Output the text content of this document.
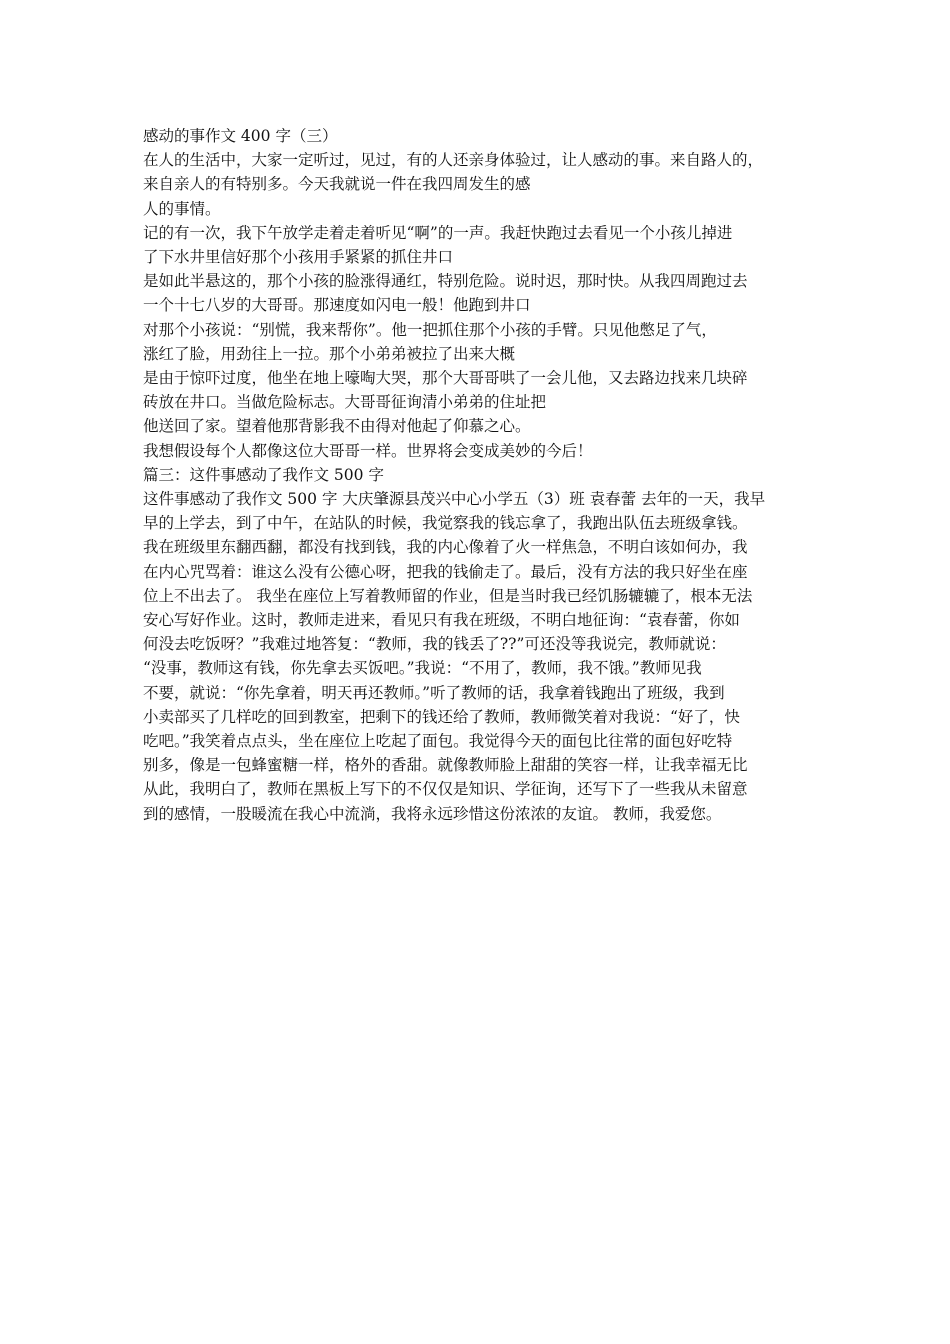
感动的事作文 400 字（三）
在人的生活中，大家一定听过，见过，有的人还亲身体验过，让人感动的事。来自路人的，
来自亲人的有特别多。今天我就说一件在我四周发生的感
人的事情。
记的有一次，我下午放学走着走着听见“啊”的一声。我赶快跑过去看见一个小孩儿掉进
了下水井里信好那个小孩用手紧紧的抓住井口
是如此半悬这的，那个小孩的脸涨得通红，特别危险。说时迟，那时快。从我四周跑过去
一个十七八岁的大哥哥。那速度如闪电一般！他跑到井口
对那个小孩说：“别慌，我来帮你”。他一把抓住那个小孩的手臂。只见他憋足了气，
涨红了脸，用劲往上一拉。那个小弟弟被拉了出来大概
是由于惊吓过度，他坐在地上嚎啕大哭，那个大哥哥哄了一会儿他，又去路边找来几块碎
砖放在井口。当做危险标志。大哥哥征询清小弟弟的住址把
他送回了家。望着他那背影我不由得对他起了仰慕之心。
我想假设每个人都像这位大哥哥一样。世界将会变成美妙的今后！
篇三：这件事感动了我作文 500 字
这件事感动了我作文 500 字 大庆肇源县茂兴中心小学五（3）班 袁春蕾 去年的一天，我早
早的上学去，到了中午，在站队的时候，我觉察我的钱忘拿了，我跑出队伍去班级拿钱。
我在班级里东翻西翻，都没有找到钱，我的内心像着了火一样焦急，不明白该如何办，我
在内心咒骂着：谁这么没有公德心呀，把我的钱偷走了。最后，没有方法的我只好坐在座
位上不出去了。 我坐在座位上写着教师留的作业，但是当时我已经饥肠辘辘了，根本无法
安心写好作业。这时，教师走进来，看见只有我在班级，不明白地征询：“袁春蕾，你如
何没去吃饭呀？”我难过地答复：“教师，我的钱丢了??”可还没等我说完，教师就说：
“没事，教师这有钱，你先拿去买饭吧。”我说：“不用了，教师，我不饿。”教师见我
不要，就说：“你先拿着，明天再还教师。”听了教师的话，我拿着钱跑出了班级，我到
小卖部买了几样吃的回到教室，把剩下的钱还给了教师，教师微笑着对我说：“好了，快
吃吧。”我笑着点点头，坐在座位上吃起了面包。我觉得今天的面包比往常的面包好吃特
别多，像是一包蜂蜜糖一样，格外的香甜。就像教师脸上甜甜的笑容一样，让我幸福无比
从此，我明白了，教师在黑板上写下的不仅仅是知识、学征询，还写下了一些我从未留意
到的感情，一股暖流在我心中流淌，我将永远珍惜这份浓浓的友谊。 教师，我爱您。
